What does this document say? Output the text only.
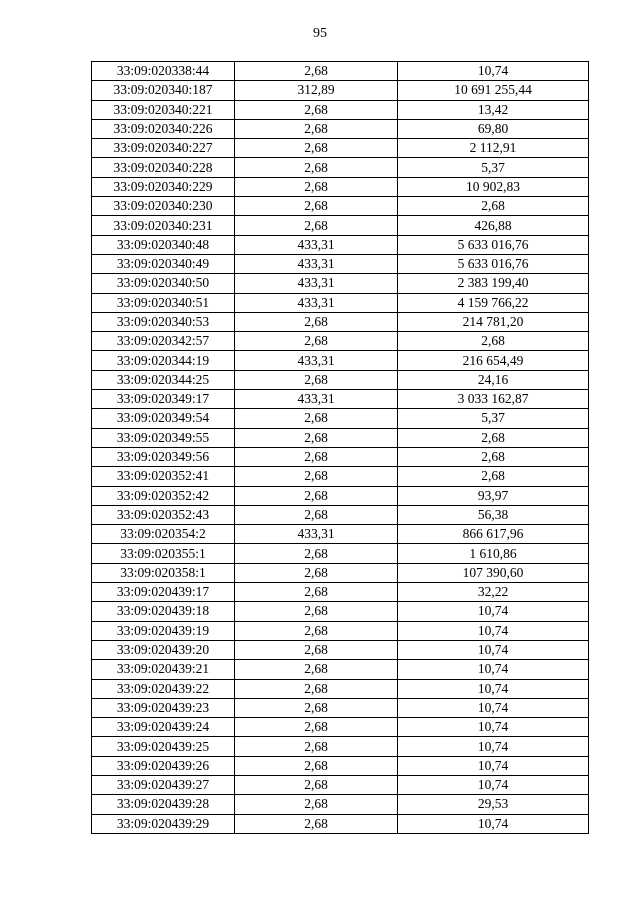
95
33:09:020338:44	2,68	10,74
33:09:020340:187	312,89	10 691 255,44
33:09:020340:221	2,68	13,42
33:09:020340:226	2,68	69,80
33:09:020340:227	2,68	2 112,91
33:09:020340:228	2,68	5,37
33:09:020340:229	2,68	10 902,83
33:09:020340:230	2,68	2,68
33:09:020340:231	2,68	426,88
33:09:020340:48	433,31	5 633 016,76
33:09:020340:49	433,31	5 633 016,76
33:09:020340:50	433,31	2 383 199,40
33:09:020340:51	433,31	4 159 766,22
33:09:020340:53	2,68	214 781,20
33:09:020342:57	2,68	2,68
33:09:020344:19	433,31	216 654,49
33:09:020344:25	2,68	24,16
33:09:020349:17	433,31	3 033 162,87
33:09:020349:54	2,68	5,37
33:09:020349:55	2,68	2,68
33:09:020349:56	2,68	2,68
33:09:020352:41	2,68	2,68
33:09:020352:42	2,68	93,97
33:09:020352:43	2,68	56,38
33:09:020354:2	433,31	866 617,96
33:09:020355:1	2,68	1 610,86
33:09:020358:1	2,68	107 390,60
33:09:020439:17	2,68	32,22
33:09:020439:18	2,68	10,74
33:09:020439:19	2,68	10,74
33:09:020439:20	2,68	10,74
33:09:020439:21	2,68	10,74
33:09:020439:22	2,68	10,74
33:09:020439:23	2,68	10,74
33:09:020439:24	2,68	10,74
33:09:020439:25	2,68	10,74
33:09:020439:26	2,68	10,74
33:09:020439:27	2,68	10,74
33:09:020439:28	2,68	29,53
33:09:020439:29	2,68	10,74
